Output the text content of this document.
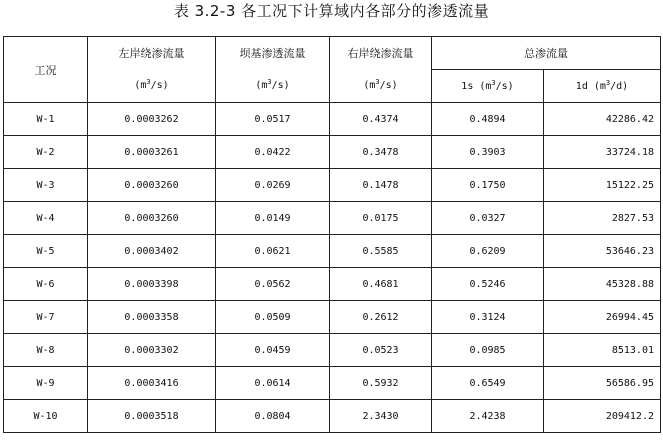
表 3.2-3 各工况下计算域内各部分的渗透流量
工况	左岸绕渗流量	坝基渗透流量	右岸绕渗流量	总渗流量	
	$(m^3/s)$	$(m^3/s)$	$(m^3/s)$	1s $(m^3/s)$	1d $(m^3/d)$
W-1	0.0003262	0.0517	0.4374	0.4894	42286.42
W-2	0.0003261	0.0422	0.3478	0.3903	33724.18
W-3	0.0003260	0.0269	0.1478	0.1750	15122.25
W-4	0.0003260	0.0149	0.0175	0.0327	2827.53
W-5	0.0003402	0.0621	0.5585	0.6209	53646.23
W-6	0.0003398	0.0562	0.4681	0.5246	45328.88
W-7	0.0003358	0.0509	0.2612	0.3124	26994.45
W-8	0.0003302	0.0459	0.0523	0.0985	8513.01
W-9	0.0003416	0.0614	0.5932	0.6549	56586.95
W-10	0.0003518	0.0804	2.3430	2.4238	209412.2
